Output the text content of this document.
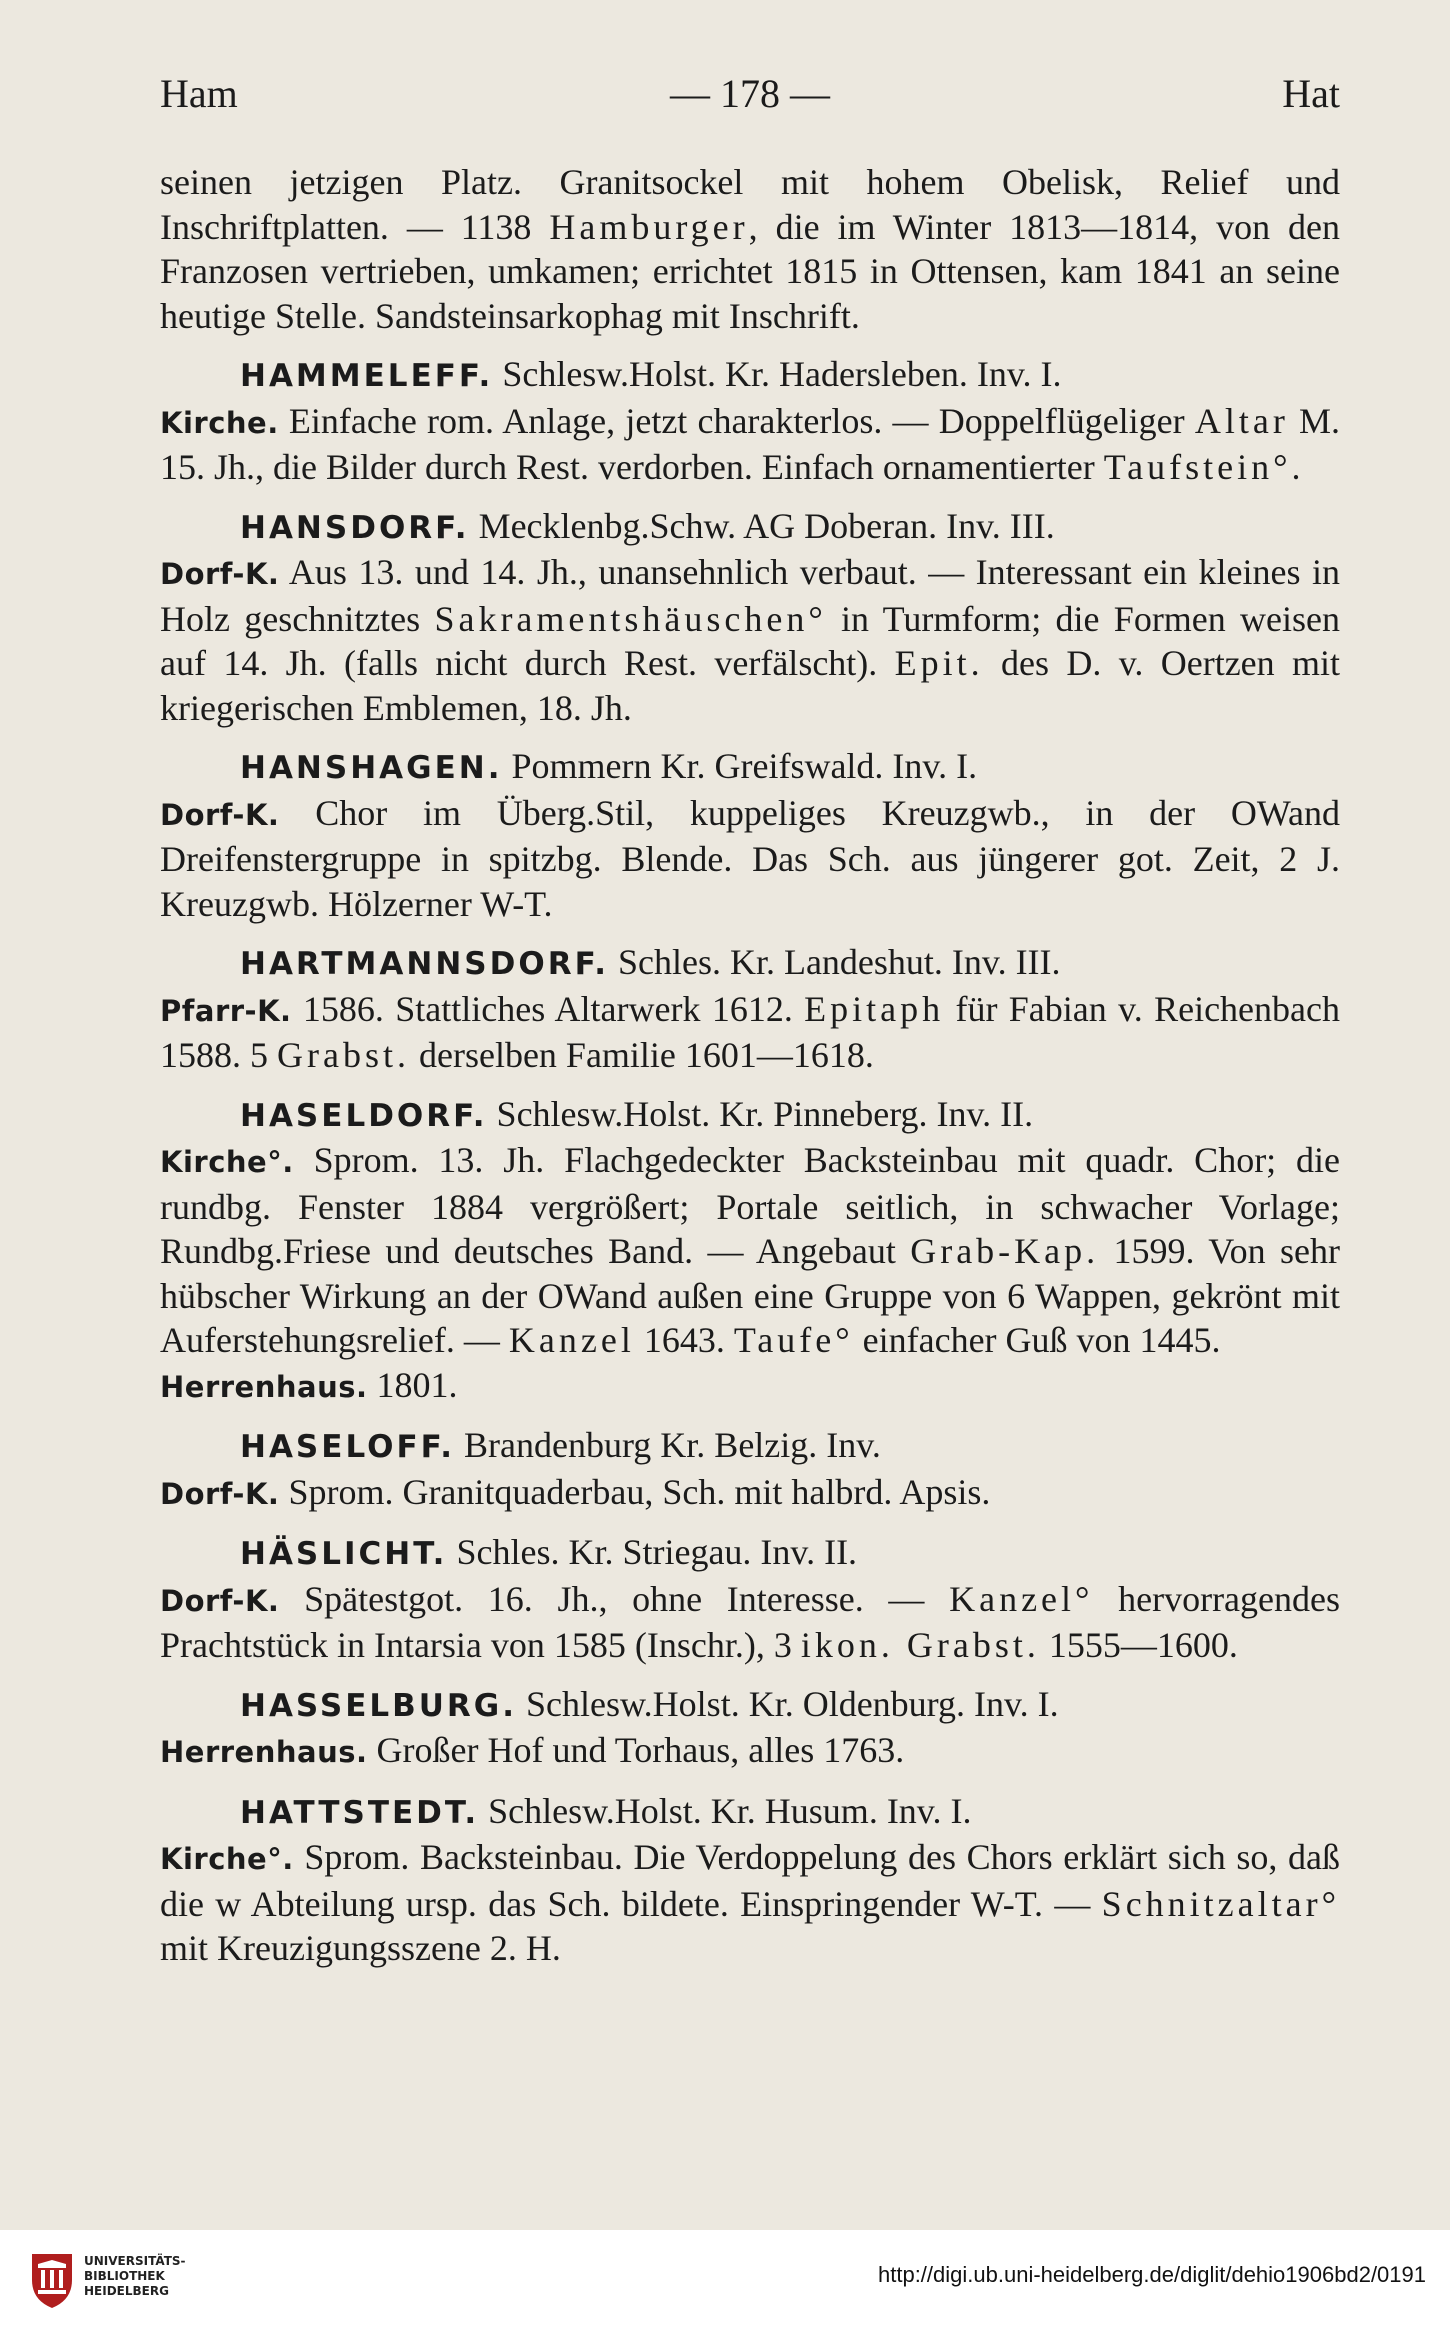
Ham	— 178 —	Hat

seinen jetzigen Platz. Granitsockel mit hohem Obelisk, Relief und Inschriftplatten. — 1138 Hamburger, die im Winter 1813—1814, von den Franzosen vertrieben, umkamen; errichtet 1815 in Ottensen, kam 1841 an seine heutige Stelle. Sandsteinsarkophag mit Inschrift.

HAMMELEFF. Schlesw.Holst. Kr. Hadersleben. Inv. I.

Kirche. Einfache rom. Anlage, jetzt charakterlos. — Doppelflügeliger Altar M. 15. Jh., die Bilder durch Rest. verdorben. Einfach ornamentierter Taufstein°.

HANSDORF. Mecklenbg.Schw. AG Doberan. Inv. III.

Dorf-K. Aus 13. und 14. Jh., unansehnlich verbaut. — Interessant ein kleines in Holz geschnitztes Sakramentshäuschen° in Turmform; die Formen weisen auf 14. Jh. (falls nicht durch Rest. verfälscht). Epit. des D. v. Oertzen mit kriegerischen Emblemen, 18. Jh.

HANSHAGEN. Pommern Kr. Greifswald. Inv. I.

Dorf-K. Chor im Überg.Stil, kuppeliges Kreuzgwb., in der OWand Dreifenstergruppe in spitzbg. Blende. Das Sch. aus jüngerer got. Zeit, 2 J. Kreuzgwb. Hölzerner W-T.

HARTMANNSDORF. Schles. Kr. Landeshut. Inv. III.

Pfarr-K. 1586. Stattliches Altarwerk 1612. Epitaph für Fabian v. Reichenbach 1588. 5 Grabst. derselben Familie 1601—1618.

HASELDORF. Schlesw.Holst. Kr. Pinneberg. Inv. II.

Kirche°. Sprom. 13. Jh. Flachgedeckter Backsteinbau mit quadr. Chor; die rundbg. Fenster 1884 vergrößert; Portale seitlich, in schwacher Vorlage; Rundbg.Friese und deutsches Band. — Angebaut Grab-Kap. 1599. Von sehr hübscher Wirkung an der OWand außen eine Gruppe von 6 Wappen, gekrönt mit Auferstehungsrelief. — Kanzel 1643. Taufe° einfacher Guß von 1445.

Herrenhaus. 1801.

HASELOFF. Brandenburg Kr. Belzig. Inv.

Dorf-K. Sprom. Granitquaderbau, Sch. mit halbrd. Apsis.

HÄSLICHT. Schles. Kr. Striegau. Inv. II.

Dorf-K. Spätestgot. 16. Jh., ohne Interesse. — Kanzel° hervorragendes Prachtstück in Intarsia von 1585 (Inschr.), 3 ikon. Grabst. 1555—1600.

HASSELBURG. Schlesw.Holst. Kr. Oldenburg. Inv. I.

Herrenhaus. Großer Hof und Torhaus, alles 1763.

HATTSTEDT. Schlesw.Holst. Kr. Husum. Inv. I.

Kirche°. Sprom. Backsteinbau. Die Verdoppelung des Chors erklärt sich so, daß die w Abteilung ursp. das Sch. bildete. Einspringender W-T. — Schnitzaltar° mit Kreuzigungsszene 2. H.

UNIVERSITÄTS-
BIBLIOTHEK
HEIDELBERG
http://digi.ub.uni-heidelberg.de/diglit/dehio1906bd2/0191
